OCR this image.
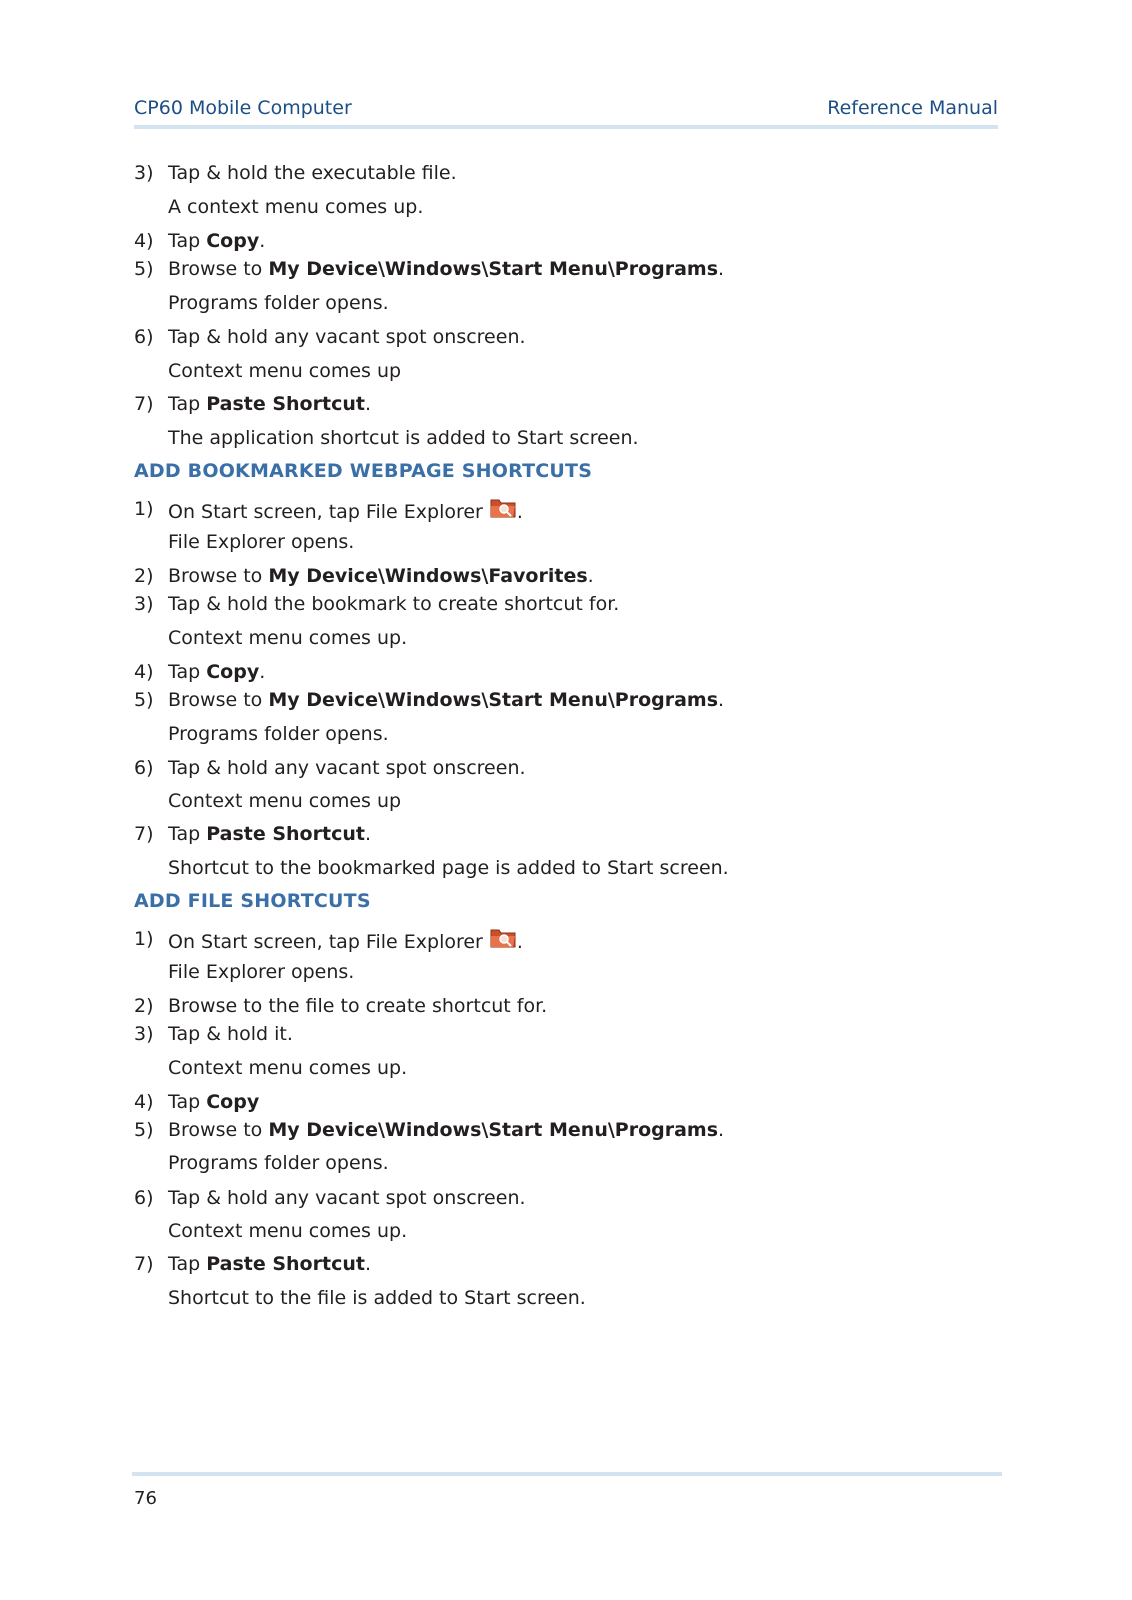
CP60 Mobile Computer	Reference Manual
3) Tap & hold the executable file.
A context menu comes up.
4) Tap Copy.
5) Browse to My Device\Windows\Start Menu\Programs.
Programs folder opens.
6) Tap & hold any vacant spot onscreen.
Context menu comes up
7) Tap Paste Shortcut.
The application shortcut is added to Start screen.
ADD BOOKMARKED WEBPAGE SHORTCUTS
1) On Start screen, tap File Explorer .
File Explorer opens.
2) Browse to My Device\Windows\Favorites.
3) Tap & hold the bookmark to create shortcut for.
Context menu comes up.
4) Tap Copy.
5) Browse to My Device\Windows\Start Menu\Programs.
Programs folder opens.
6) Tap & hold any vacant spot onscreen.
Context menu comes up
7) Tap Paste Shortcut.
Shortcut to the bookmarked page is added to Start screen.
ADD FILE SHORTCUTS
1) On Start screen, tap File Explorer .
File Explorer opens.
2) Browse to the file to create shortcut for.
3) Tap & hold it.
Context menu comes up.
4) Tap Copy
5) Browse to My Device\Windows\Start Menu\Programs.
Programs folder opens.
6) Tap & hold any vacant spot onscreen.
Context menu comes up.
7) Tap Paste Shortcut.
Shortcut to the file is added to Start screen.
76
